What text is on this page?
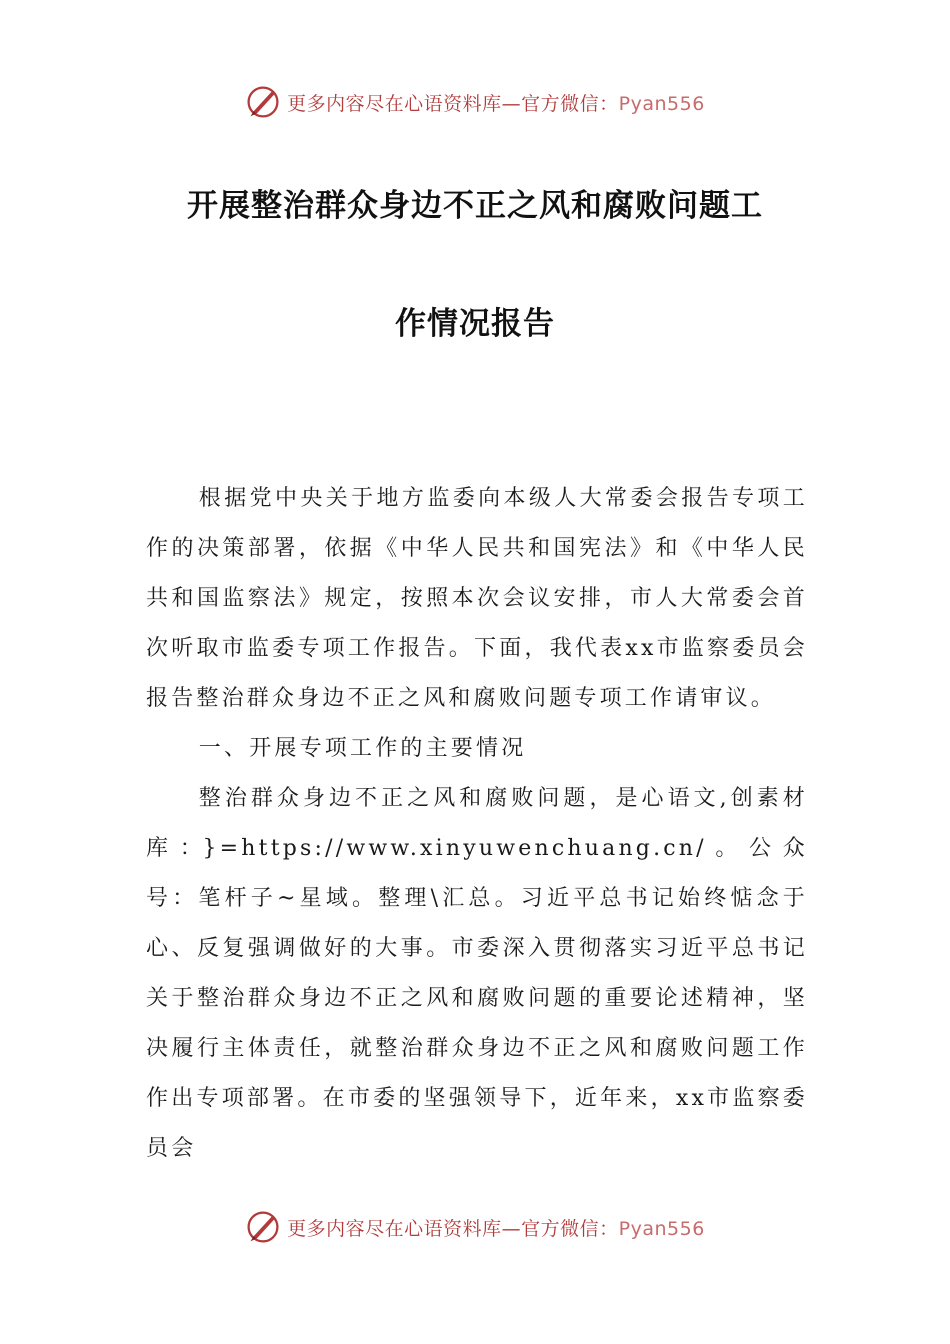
更多内容尽在心语资料库—官方微信：Pyan556
开展整治群众身边不正之风和腐败问题工
作情况报告

根据党中央关于地方监委向本级人大常委会报告专项工作的决策部署，依据《中华人民共和国宪法》和《中华人民共和国监察法》规定，按照本次会议安排，市人大常委会首次听取市监委专项工作报告。下面，我代表xx市监察委员会报告整治群众身边不正之风和腐败问题专项工作请审议。

一、开展专项工作的主要情况

整治群众身边不正之风和腐败问题，是心语文,创素材库：}=https://www.xinyuwenchuang.cn/。公众号：笔杆子~星域。整理\汇总。习近平总书记始终惦念于心、反复强调做好的大事。市委深入贯彻落实习近平总书记关于整治群众身边不正之风和腐败问题的重要论述精神，坚决履行主体责任，就整治群众身边不正之风和腐败问题工作作出专项部署。在市委的坚强领导下，近年来，xx市监察委员会

更多内容尽在心语资料库—官方微信：Pyan556
